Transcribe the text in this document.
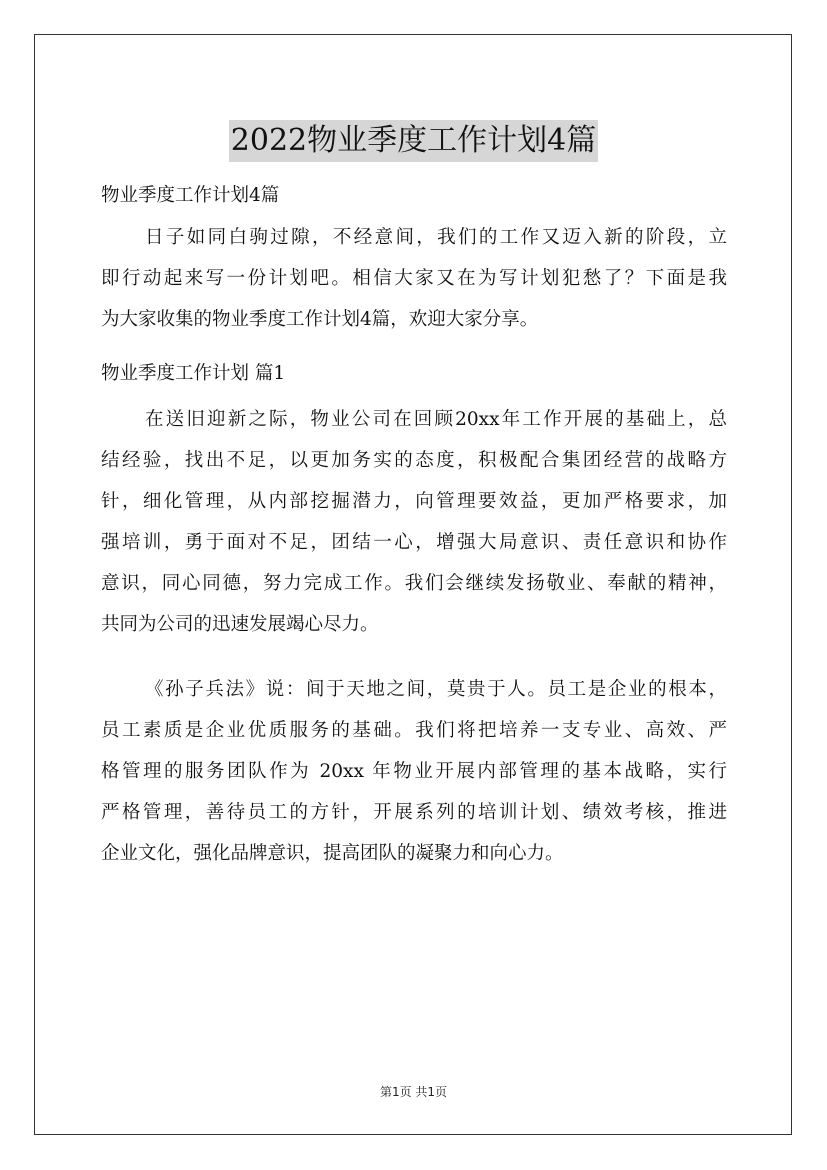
2022物业季度工作计划4篇

物业季度工作计划4篇

日子如同白驹过隙，不经意间，我们的工作又迈入新的阶段，立

即行动起来写一份计划吧。相信大家又在为写计划犯愁了？下面是我

为大家收集的物业季度工作计划4篇，欢迎大家分享。

物业季度工作计划 篇1

在送旧迎新之际，物业公司在回顾20xx年工作开展的基础上，总

结经验，找出不足，以更加务实的态度，积极配合集团经营的战略方

针，细化管理，从内部挖掘潜力，向管理要效益，更加严格要求，加

强培训，勇于面对不足，团结一心，增强大局意识、责任意识和协作

意识，同心同德，努力完成工作。我们会继续发扬敬业、奉献的精神，

共同为公司的迅速发展竭心尽力。

《孙子兵法》说：间于天地之间，莫贵于人。员工是企业的根本，

员工素质是企业优质服务的基础。我们将把培养一支专业、高效、严

格管理的服务团队作为 20xx 年物业开展内部管理的基本战略，实行

严格管理，善待员工的方针，开展系列的培训计划、绩效考核，推进

企业文化，强化品牌意识，提高团队的凝聚力和向心力。

第1页 共1页
